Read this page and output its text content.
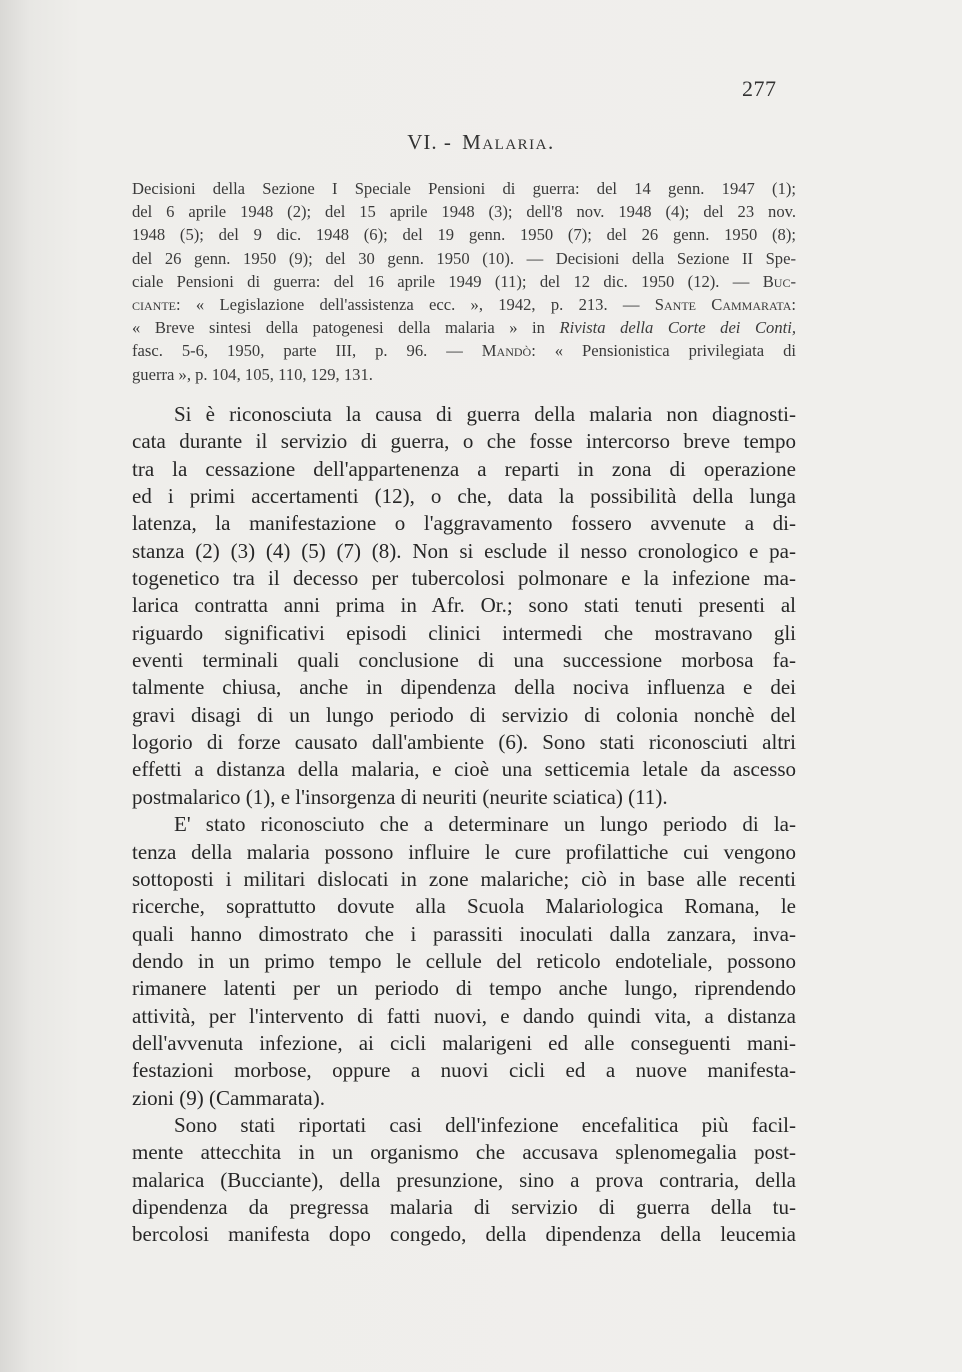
277
VI. - Malaria.
Decisioni della Sezione I Speciale Pensioni di guerra: del 14 genn. 1947 (1);
del 6 aprile 1948 (2); del 15 aprile 1948 (3); dell'8 nov. 1948 (4); del 23 nov.
1948 (5); del 9 dic. 1948 (6); del 19 genn. 1950 (7); del 26 genn. 1950 (8);
del 26 genn. 1950 (9); del 30 genn. 1950 (10). — Decisioni della Sezione II Spe-
ciale Pensioni di guerra: del 16 aprile 1949 (11); del 12 dic. 1950 (12). — Buc-
ciante: « Legislazione dell'assistenza ecc. », 1942, p. 213. — Sante Cammarata:
« Breve sintesi della patogenesi della malaria » in Rivista della Corte dei Conti,
fasc. 5-6, 1950, parte III, p. 96. — Mandò: « Pensionistica privilegiata di
guerra », p. 104, 105, 110, 129, 131.
Si è riconosciuta la causa di guerra della malaria non diagnosti-
cata durante il servizio di guerra, o che fosse intercorso breve tempo
tra la cessazione dell'appartenenza a reparti in zona di operazione
ed i primi accertamenti (12), o che, data la possibilità della lunga
latenza, la manifestazione o l'aggravamento fossero avvenute a di-
stanza (2) (3) (4) (5) (7) (8). Non si esclude il nesso cronologico e pa-
togenetico tra il decesso per tubercolosi polmonare e la infezione ma-
larica contratta anni prima in Afr. Or.; sono stati tenuti presenti al
riguardo significativi episodi clinici intermedi che mostravano gli
eventi terminali quali conclusione di una successione morbosa fa-
talmente chiusa, anche in dipendenza della nociva influenza e dei
gravi disagi di un lungo periodo di servizio di colonia nonchè del
logorio di forze causato dall'ambiente (6). Sono stati riconosciuti altri
effetti a distanza della malaria, e cioè una setticemia letale da ascesso
postmalarico (1), e l'insorgenza di neuriti (neurite sciatica) (11).
E' stato riconosciuto che a determinare un lungo periodo di la-
tenza della malaria possono influire le cure profilattiche cui vengono
sottoposti i militari dislocati in zone malariche; ciò in base alle recenti
ricerche, soprattutto dovute alla Scuola Malariologica Romana, le
quali hanno dimostrato che i parassiti inoculati dalla zanzara, inva-
dendo in un primo tempo le cellule del reticolo endoteliale, possono
rimanere latenti per un periodo di tempo anche lungo, riprendendo
attività, per l'intervento di fatti nuovi, e dando quindi vita, a distanza
dell'avvenuta infezione, ai cicli malarigeni ed alle conseguenti mani-
festazioni morbose, oppure a nuovi cicli ed a nuove manifesta-
zioni (9) (Cammarata).
Sono stati riportati casi dell'infezione encefalitica più facil-
mente attecchita in un organismo che accusava splenomegalia post-
malarica (Bucciante), della presunzione, sino a prova contraria, della
dipendenza da pregressa malaria di servizio di guerra della tu-
bercolosi manifesta dopo congedo, della dipendenza della leucemia
